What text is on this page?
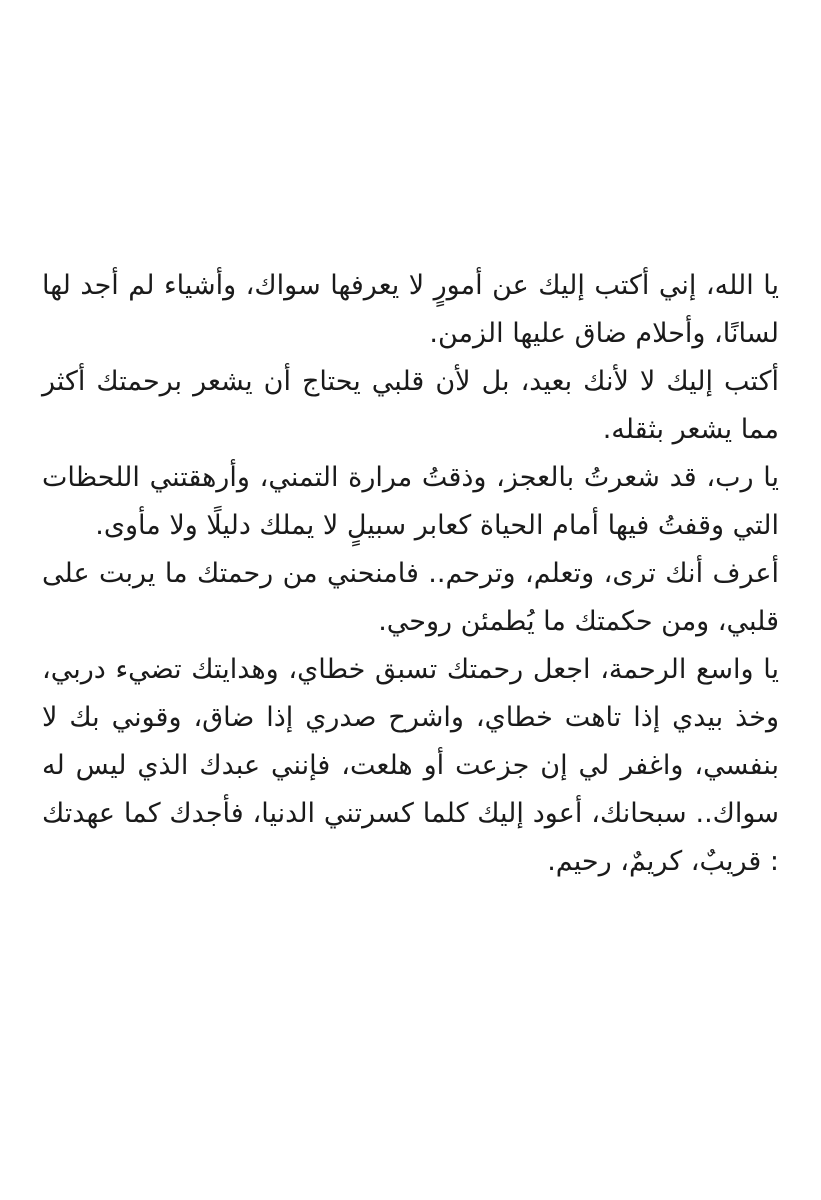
يا الله، إني أكتب إليك عن أمورٍ لا يعرفها سواك، وأشياء لم أجد لها لسانًا، وأحلام ضاق عليها الزمن.

أكتب إليك لا لأنك بعيد، بل لأن قلبي يحتاج أن يشعر برحمتك أكثر مما يشعر بثقله.

يا رب، قد شعرتُ بالعجز، وذقتُ مرارة التمني، وأرهقتني اللحظات التي وقفتُ فيها أمام الحياة كعابر سبيلٍ لا يملك دليلًا ولا مأوى.

أعرف أنك ترى، وتعلم، وترحم.. فامنحني من رحمتك ما يربت على قلبي، ومن حكمتك ما يُطمئن روحي.

يا واسع الرحمة، اجعل رحمتك تسبق خطاي، وهدايتك تضيء دربي، وخذ بيدي إذا تاهت خطاي، واشرح صدري إذا ضاق، وقوني بك لا بنفسي، واغفر لي إن جزعت أو هلعت، فإنني عبدك الذي ليس له سواك.. سبحانك، أعود إليك كلما كسرتني الدنيا، فأجدك كما عهدتك : قريبٌ، كريمٌ، رحيم.
